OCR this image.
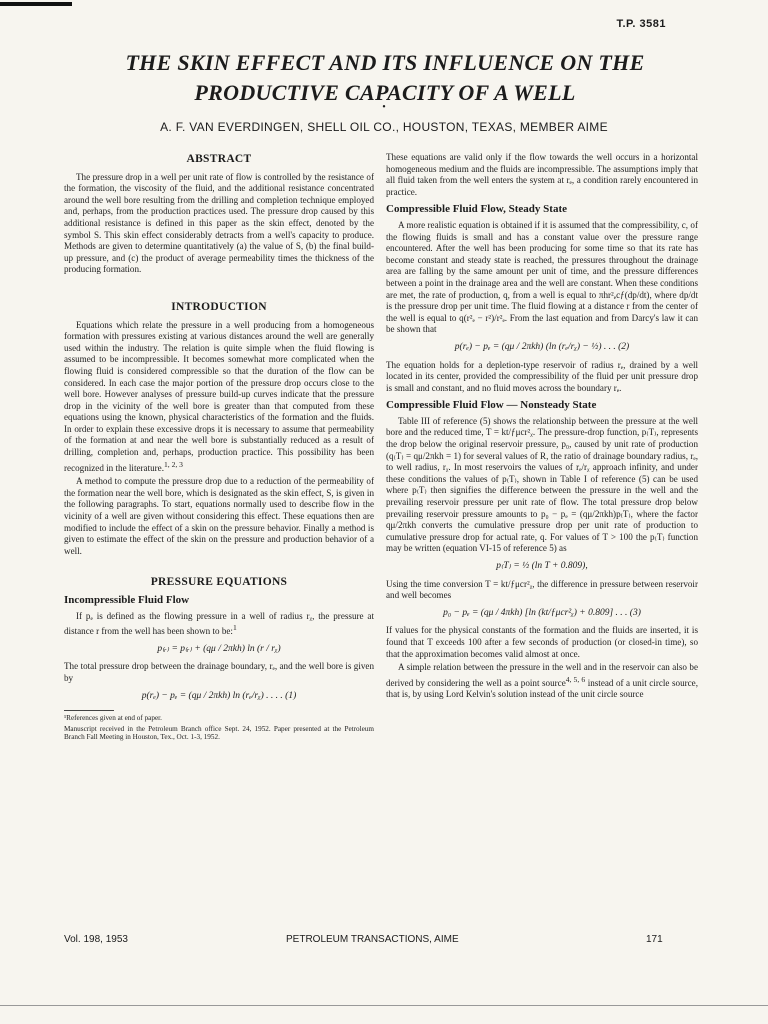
T.P. 3581
THE SKIN EFFECT AND ITS INFLUENCE ON THE
PRODUCTIVE CAPACITY OF A WELL
•
A. F. VAN EVERDINGEN, SHELL OIL CO., HOUSTON, TEXAS, MEMBER AIME
ABSTRACT

The pressure drop in a well per unit rate of flow is controlled by the resistance of the formation, the viscosity of the fluid, and the additional resistance concentrated around the well bore resulting from the drilling and completion technique employed and, perhaps, from the production practices used. The pressure drop caused by this additional resistance is defined in this paper as the skin effect, denoted by the symbol S. This skin effect considerably detracts from a well's capacity to produce. Methods are given to determine quantitatively (a) the value of S, (b) the final build-up pressure, and (c) the product of average permeability times the thickness of the producing formation.

INTRODUCTION

Equations which relate the pressure in a well producing from a homogeneous formation with pressures existing at various distances around the well are generally used within the industry. The relation is quite simple when the fluid flowing is assumed to be incompressible. It becomes somewhat more complicated when the flowing fluid is considered compressible so that the duration of the flow can be considered. In each case the major portion of the pressure drop occurs close to the well bore. However analyses of pressure build-up curves indicate that the pressure drop in the vicinity of the well bore is greater than that computed from these equations using the known, physical characteristics of the formation and the fluids. In order to explain these excessive drops it is necessary to assume that permeability of the formation at and near the well bore is substantially reduced as a result of drilling, completion and, perhaps, production practice. This possibility has been recognized in the literature.$^{1, 2, 3}$

A method to compute the pressure drop due to a reduction of the permeability of the formation near the well bore, which is designated as the skin effect, S, is given in the following paragraphs. To start, equations normally used to describe flow in the vicinity of a well are given without considering this effect. These equations then are modified to include the effect of a skin on the pressure behavior. Finally a method is given to estimate the effect of the skin on the pressure and production behavior of a well.

PRESSURE EQUATIONS
Incompressible Fluid Flow

If pₑ is defined as the flowing pressure in a well of radius rᵪ, the pressure at distance r from the well has been shown to be:$^1$

p₍ᵣ₎ = p₍ᵣ₎ + (qμ / 2πkh) ln (r / rᵪ)

The total pressure drop between the drainage boundary, rₑ, and the well bore is given by

p(rₑ) − pₑ = (qμ / 2πkh) ln (rₑ/rᵪ) . . . . (1)

¹References given at end of paper.

Manuscript received in the Petroleum Branch office Sept. 24, 1952. Paper presented at the Petroleum Branch Fall Meeting in Houston, Tex., Oct. 1-3, 1952.

These equations are valid only if the flow towards the well occurs in a horizontal homogeneous medium and the fluids are incompressible. The assumptions imply that all fluid taken from the well enters the system at rₑ, a condition rarely encountered in practice.

Compressible Fluid Flow, Steady State

A more realistic equation is obtained if it is assumed that the compressibility, c, of the flowing fluids is small and has a constant value over the pressure range encountered. After the well has been producing for some time so that its rate has become constant and steady state is reached, the pressures throughout the drainage area are falling by the same amount per unit of time, and the pressure differences between a point in the drainage area and the well are constant. When these conditions are met, the rate of production, q, from a well is equal to πhr²ₑcƒ(dp/dt), where dp/dt is the pressure drop per unit time. The fluid flowing at a distance r from the center of the well is equal to q(r²ₑ − r²)/r²ₑ. From the last equation and from Darcy's law it can be shown that

p(rₑ) − pₑ = (qμ / 2πkh) (ln (rₑ/rᵪ) − ½) . . . (2)

The equation holds for a depletion-type reservoir of radius rₑ, drained by a well located in its center, provided the compressibility of the fluid per unit pressure drop is small and constant, and no fluid moves across the boundary rₑ.

Compressible Fluid Flow — Nonsteady State

Table III of reference (5) shows the relationship between the pressure at the well bore and the reduced time, T = kt/ƒμcr²ᵪ. The pressure-drop function, p₍T₎, represents the drop below the original reservoir pressure, p₀, caused by unit rate of production (q₍T₎ = qμ/2πkh = 1) for several values of R, the ratio of drainage boundary radius, rₑ, to well radius, rᵪ. In most reservoirs the values of rₑ/rᵪ approach infinity, and under these conditions the values of p₍T₎, shown in Table I of reference (5) can be used where p₍T₎ then signifies the difference between the pressure in the well and the prevailing reservoir pressure per unit rate of flow. The total pressure drop below prevailing reservoir pressure amounts to p₀ − pₑ = (qμ/2πkh)p₍T₎, where the factor qμ/2πkh converts the cumulative pressure drop per unit rate of production to cumulative pressure drop for actual rate, q. For values of T > 100 the p₍T₎ function may be written (equation VI-15 of reference 5) as

p₍T₎ = ½ (ln T + 0.809),

Using the time conversion T = kt/ƒμcr²ᵪ, the difference in pressure between reservoir and well becomes

p₀ − pₑ = (qμ / 4πkh) [ln (kt/ƒμcr²ᵪ) + 0.809] . . . (3)

If values for the physical constants of the formation and the fluids are inserted, it is found that T exceeds 100 after a few seconds of production (or closed-in time), so that the approximation becomes valid almost at once.

A simple relation between the pressure in the well and in the reservoir can also be derived by considering the well as a point source$^{4, 5, 6}$ instead of a unit circle source, that is, by using Lord Kelvin's solution instead of the unit circle source

Vol. 198, 1953	PETROLEUM TRANSACTIONS, AIME	171
